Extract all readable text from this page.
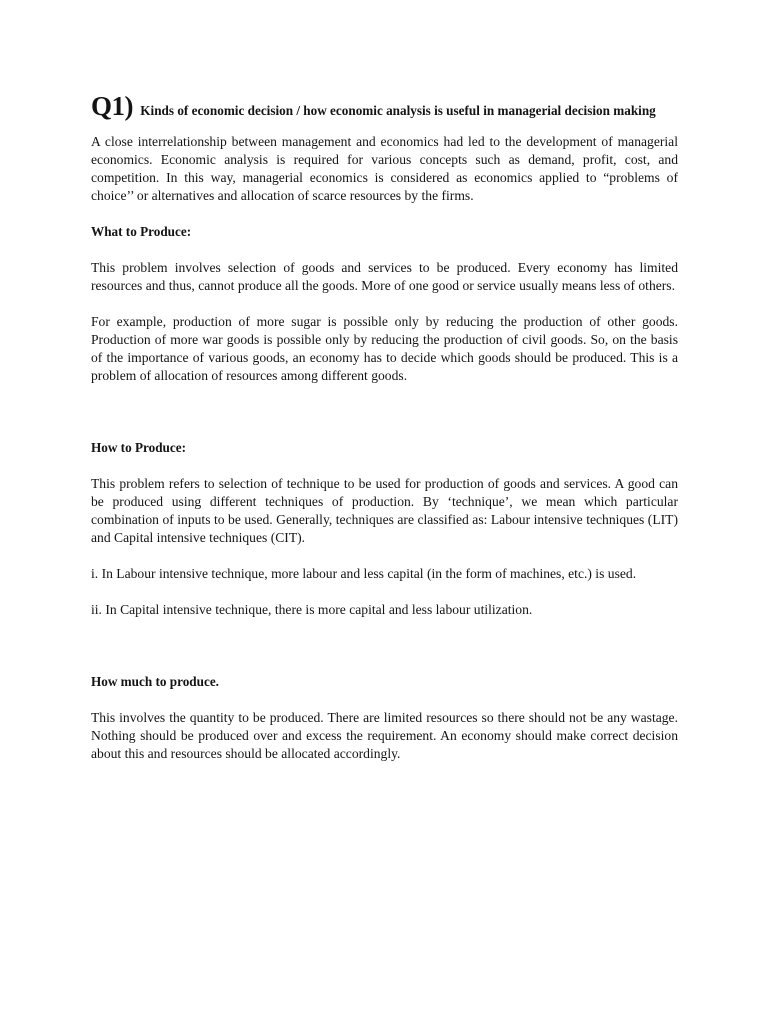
Q1) Kinds of economic decision / how economic analysis is useful in managerial decision making

A close interrelationship between management and economics had led to the development of managerial economics. Economic analysis is required for various concepts such as demand, profit, cost, and competition. In this way, managerial economics is considered as economics applied to “problems of choice’’ or alternatives and allocation of scarce resources by the firms.

What to Produce:

This problem involves selection of goods and services to be produced. Every economy has limited resources and thus, cannot produce all the goods. More of one good or service usually means less of others.

For example, production of more sugar is possible only by reducing the production of other goods. Production of more war goods is possible only by reducing the production of civil goods. So, on the basis of the importance of various goods, an economy has to decide which goods should be produced. This is a problem of allocation of resources among different goods.

How to Produce:

This problem refers to selection of technique to be used for production of goods and services. A good can be produced using different techniques of production. By ‘technique’, we mean which particular combination of inputs to be used. Generally, techniques are classified as: Labour intensive techniques (LIT) and Capital intensive techniques (CIT).

i. In Labour intensive technique, more labour and less capital (in the form of machines, etc.) is used.

ii. In Capital intensive technique, there is more capital and less labour utilization.

How much to produce.

This involves the quantity to be produced. There are limited resources so there should not be any wastage. Nothing should be produced over and excess the requirement. An economy should make correct decision about this and resources should be allocated accordingly.
